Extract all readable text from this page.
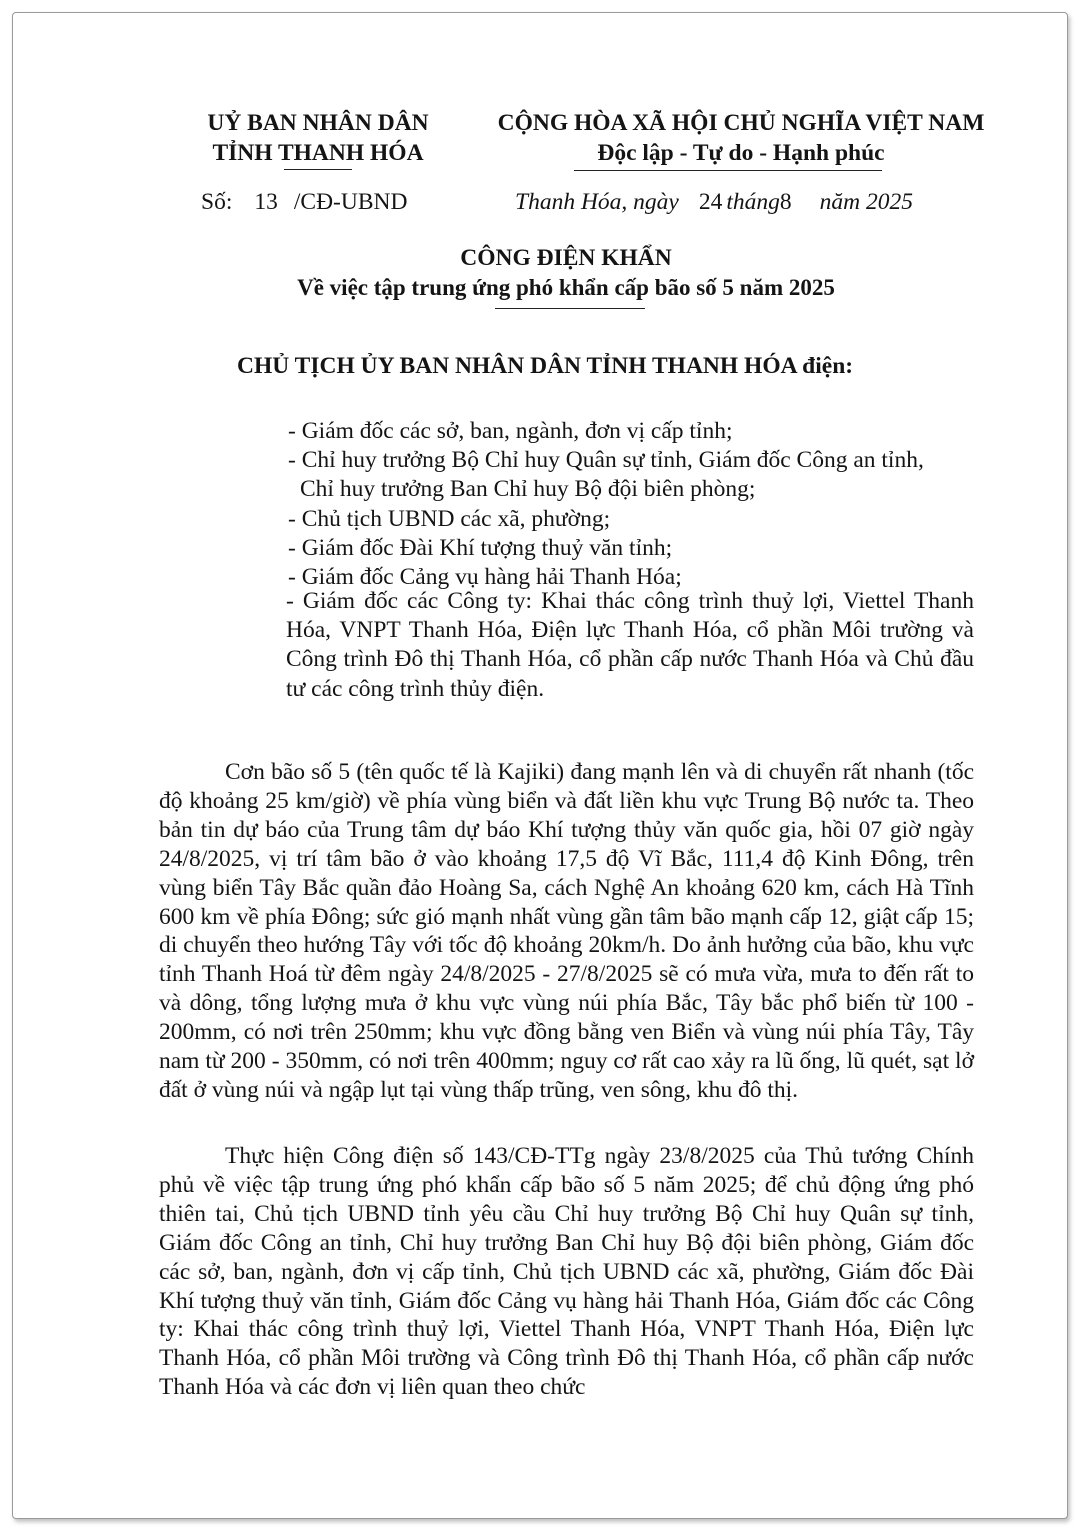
UỶ BAN NHÂN DÂN
TỈNH THANH HÓA
CỘNG HÒA XÃ HỘI CHỦ NGHĨA VIỆT NAM
Độc lập - Tự do - Hạnh phúc
Số: 13 /CĐ-UBND	Thanh Hóa, ngày 24 tháng8 năm 2025
CÔNG ĐIỆN KHẨN
Về việc tập trung ứng phó khẩn cấp bão số 5 năm 2025
CHỦ TỊCH ỦY BAN NHÂN DÂN TỈNH THANH HÓA điện:
- Giám đốc các sở, ban, ngành, đơn vị cấp tỉnh;
- Chỉ huy trưởng Bộ Chỉ huy Quân sự tỉnh, Giám đốc Công an tỉnh,
Chỉ huy trưởng Ban Chỉ huy Bộ đội biên phòng;
- Chủ tịch UBND các xã, phường;
- Giám đốc Đài Khí tượng thuỷ văn tỉnh;
- Giám đốc Cảng vụ hàng hải Thanh Hóa;
- Giám đốc các Công ty: Khai thác công trình thuỷ lợi, Viettel Thanh Hóa, VNPT Thanh Hóa, Điện lực Thanh Hóa, cổ phần Môi trường và Công trình Đô thị Thanh Hóa, cổ phần cấp nước Thanh Hóa và Chủ đầu tư các công trình thủy điện.

Cơn bão số 5 (tên quốc tế là Kajiki) đang mạnh lên và di chuyển rất nhanh (tốc độ khoảng 25 km/giờ) về phía vùng biển và đất liền khu vực Trung Bộ nước ta. Theo bản tin dự báo của Trung tâm dự báo Khí tượng thủy văn quốc gia, hồi 07 giờ ngày 24/8/2025, vị trí tâm bão ở vào khoảng 17,5 độ Vĩ Bắc, 111,4 độ Kinh Đông, trên vùng biển Tây Bắc quần đảo Hoàng Sa, cách Nghệ An khoảng 620 km, cách Hà Tĩnh 600 km về phía Đông; sức gió mạnh nhất vùng gần tâm bão mạnh cấp 12, giật cấp 15; di chuyển theo hướng Tây với tốc độ khoảng 20km/h. Do ảnh hưởng của bão, khu vực tỉnh Thanh Hoá từ đêm ngày 24/8/2025 - 27/8/2025 sẽ có mưa vừa, mưa to đến rất to và dông, tổng lượng mưa ở khu vực vùng núi phía Bắc, Tây bắc phổ biến từ 100 - 200mm, có nơi trên 250mm; khu vực đồng bằng ven Biển và vùng núi phía Tây, Tây nam từ 200 - 350mm, có nơi trên 400mm; nguy cơ rất cao xảy ra lũ ống, lũ quét, sạt lở đất ở vùng núi và ngập lụt tại vùng thấp trũng, ven sông, khu đô thị.

Thực hiện Công điện số 143/CĐ-TTg ngày 23/8/2025 của Thủ tướng Chính phủ về việc tập trung ứng phó khẩn cấp bão số 5 năm 2025; để chủ động ứng phó thiên tai, Chủ tịch UBND tỉnh yêu cầu Chỉ huy trưởng Bộ Chỉ huy Quân sự tỉnh, Giám đốc Công an tỉnh, Chỉ huy trưởng Ban Chỉ huy Bộ đội biên phòng, Giám đốc các sở, ban, ngành, đơn vị cấp tỉnh, Chủ tịch UBND các xã, phường, Giám đốc Đài Khí tượng thuỷ văn tỉnh, Giám đốc Cảng vụ hàng hải Thanh Hóa, Giám đốc các Công ty: Khai thác công trình thuỷ lợi, Viettel Thanh Hóa, VNPT Thanh Hóa, Điện lực Thanh Hóa, cổ phần Môi trường và Công trình Đô thị Thanh Hóa, cổ phần cấp nước Thanh Hóa và các đơn vị liên quan theo chức
